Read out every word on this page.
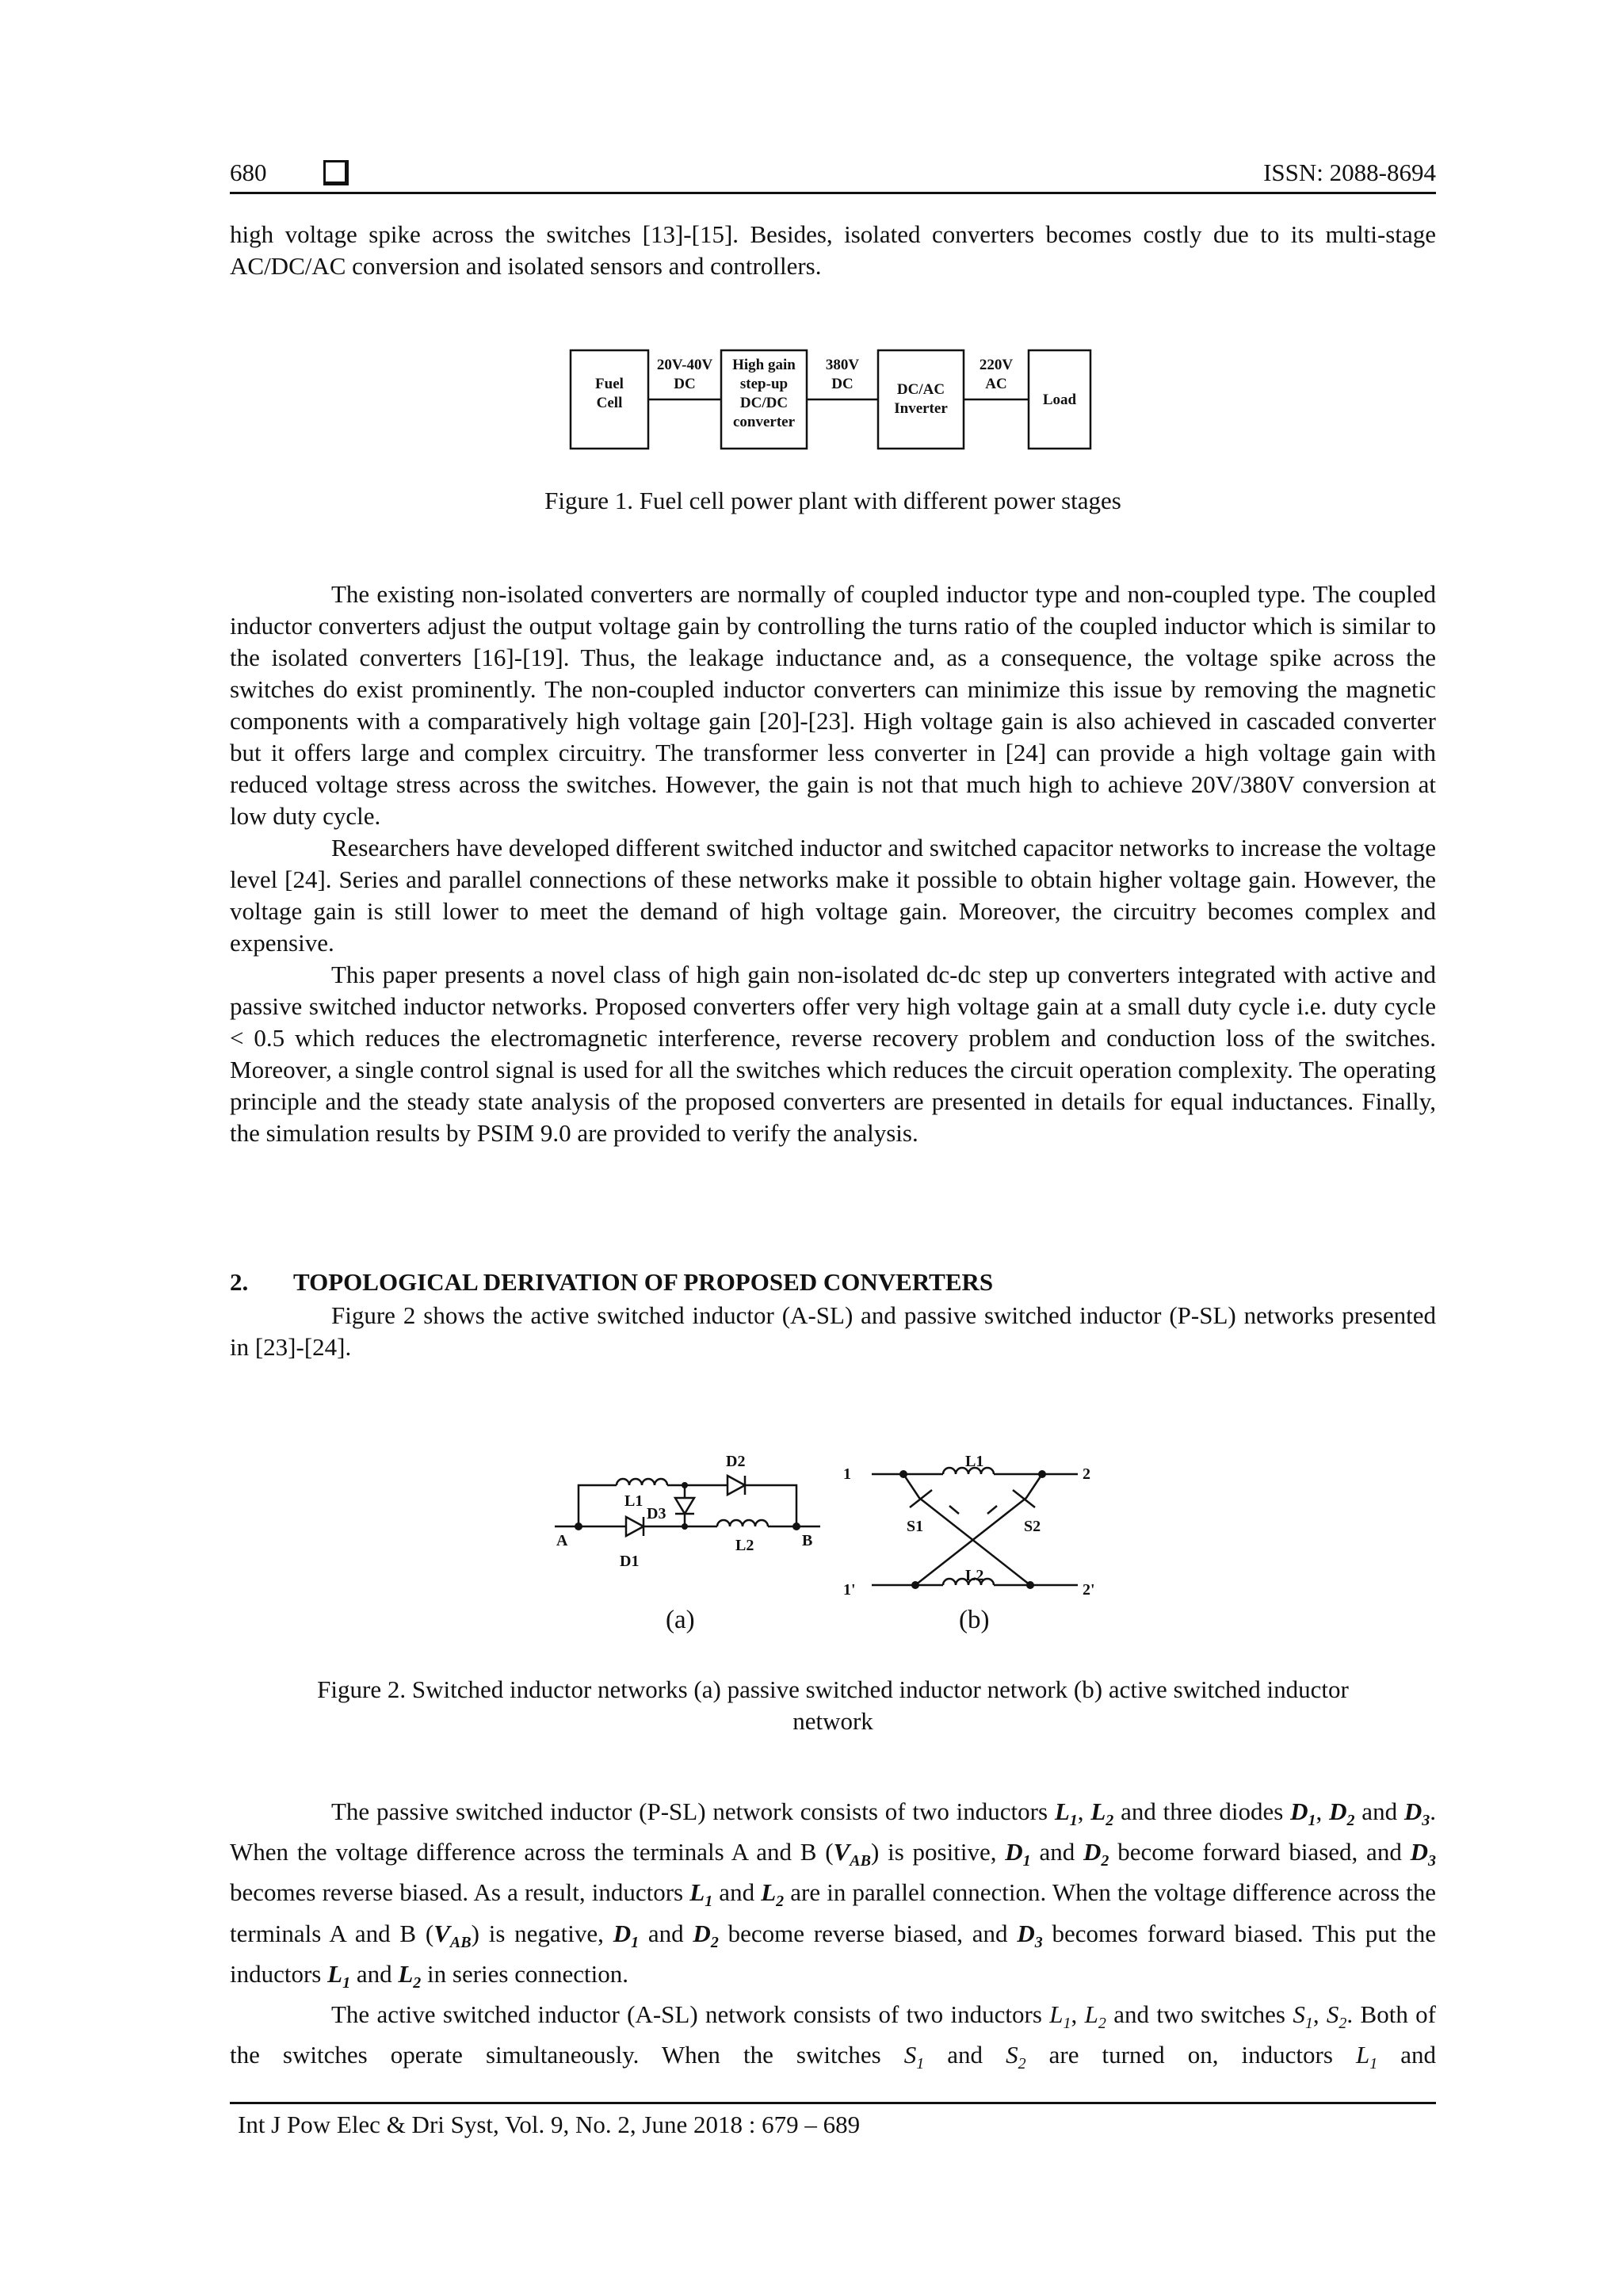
680	ISSN: 2088-8694

high voltage spike across the switches [13]-[15]. Besides, isolated converters becomes costly due to its multi-stage AC/DC/AC conversion and isolated sensors and controllers.

Fuel
Cell
High gain
step-up
DC/DC
converter
DC/AC
Inverter
Load
20V-40V
DC
380V
DC
220V
AC
Figure 1. Fuel cell power plant with different power stages

The existing non-isolated converters are normally of coupled inductor type and non-coupled type. The coupled inductor converters adjust the output voltage gain by controlling the turns ratio of the coupled inductor which is similar to the isolated converters [16]-[19]. Thus, the leakage inductance and, as a consequence, the voltage spike across the switches do exist prominently. The non-coupled inductor converters can minimize this issue by removing the magnetic components with a comparatively high voltage gain [20]-[23]. High voltage gain is also achieved in cascaded converter but it offers large and complex circuitry. The transformer less converter in [24] can provide a high voltage gain with reduced voltage stress across the switches. However, the gain is not that much high to achieve 20V/380V conversion at low duty cycle.

Researchers have developed different switched inductor and switched capacitor networks to increase the voltage level [24]. Series and parallel connections of these networks make it possible to obtain higher voltage gain. However, the voltage gain is still lower to meet the demand of high voltage gain. Moreover, the circuitry becomes complex and expensive.

This paper presents a novel class of high gain non-isolated dc-dc step up converters integrated with active and passive switched inductor networks. Proposed converters offer very high voltage gain at a small duty cycle i.e. duty cycle < 0.5 which reduces the electromagnetic interference, reverse recovery problem and conduction loss of the switches. Moreover, a single control signal is used for all the switches which reduces the circuit operation complexity. The operating principle and the steady state analysis of the proposed converters are presented in details for equal inductances. Finally, the simulation results by PSIM 9.0 are provided to verify the analysis.

2. TOPOLOGICAL DERIVATION OF PROPOSED CONVERTERS

Figure 2 shows the active switched inductor (A-SL) and passive switched inductor (P-SL) networks presented in [23]-[24].

D2
L1
D3
A	L2	B
D1
1
L1
2
S1	S2
1'
L2
2'
(a)	(b)
Figure 2. Switched inductor networks (a) passive switched inductor network (b) active switched inductor
network

The passive switched inductor (P-SL) network consists of two inductors $L_1$, $L_2$ and three diodes $D_1$, $D_2$ and $D_3$. When the voltage difference across the terminals A and B $(V_{AB})$ is positive, $D_1$ and $D_2$ become forward biased, and $D_3$ becomes reverse biased. As a result, inductors $L_1$ and $L_2$ are in parallel connection. When the voltage difference across the terminals A and B $(V_{AB})$ is negative, $D_1$ and $D_2$ become reverse biased, and $D_3$ becomes forward biased. This put the inductors $L_1$ and $L_2$ in series connection.

The active switched inductor (A-SL) network consists of two inductors $L_1$, $L_2$ and two switches $S_1$, $S_2$. Both of the switches operate simultaneously. When the switches $S_1$ and $S_2$ are turned on, inductors $L_1$ and

Int J Pow Elec & Dri Syst, Vol. 9, No. 2, June 2018 : 679 – 689
